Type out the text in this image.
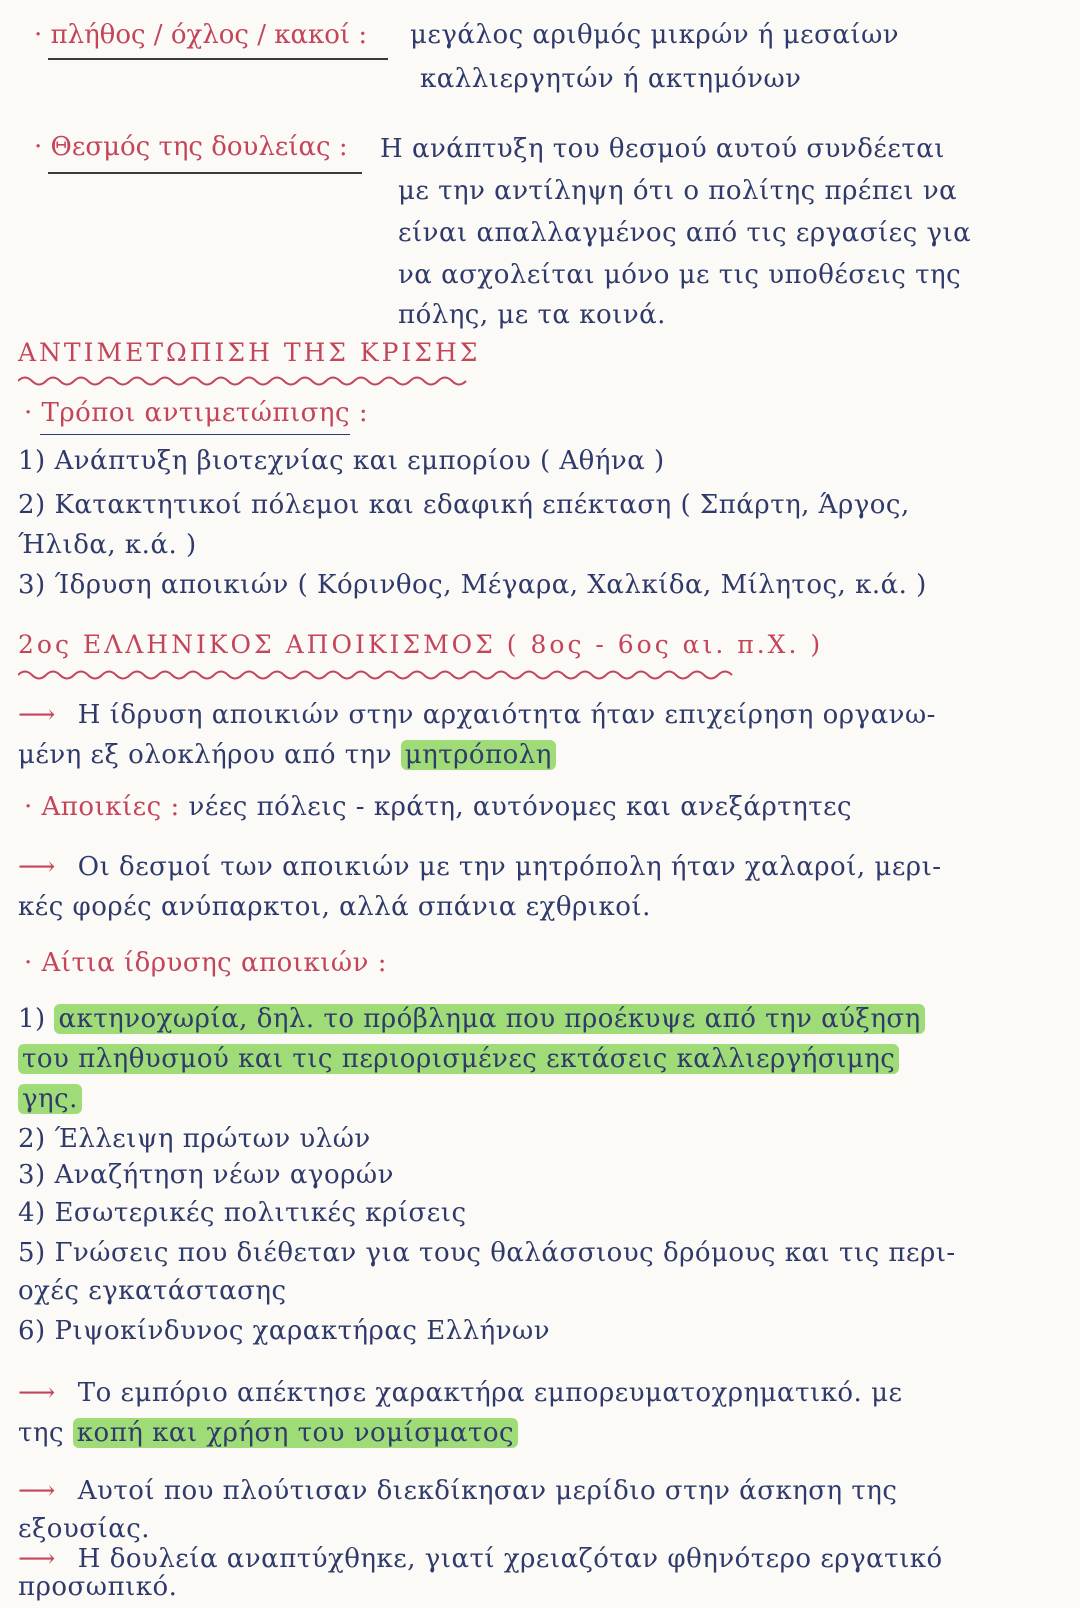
· πλήθος / όχλος / κακοί : μεγάλος αριθμός μικρών ή μεσαίων
καλλιεργητών ή ακτημόνων
· Θεσμός της δουλείας : Η ανάπτυξη του θεσμού αυτού συνδέεται
με την αντίληψη ότι ο πολίτης πρέπει να
είναι απαλλαγμένος από τις εργασίες για
να ασχολείται μόνο με τις υποθέσεις της
πόλης, με τα κοινά.
ΑΝΤΙΜΕΤΩΠΙΣΗ ΤΗΣ ΚΡΙΣΗΣ
· Τρόποι αντιμετώπισης :
1) Ανάπτυξη βιοτεχνίας και εμπορίου ( Αθήνα )
2) Κατακτητικοί πόλεμοι και εδαφική επέκταση ( Σπάρτη, Άργος,
Ήλιδα, κ.ά. )
3) Ίδρυση αποικιών ( Κόρινθος, Μέγαρα, Χαλκίδα, Μίλητος, κ.ά. )
2ος ΕΛΛΗΝΙΚΟΣ ΑΠΟΙΚΙΣΜΟΣ ( 8ος - 6ος αι. π.Χ. )
⟶ Η ίδρυση αποικιών στην αρχαιότητα ήταν επιχείρηση οργανω-
μένη εξ ολοκλήρου από την μητρόπολη
· Αποικίες : νέες πόλεις - κράτη, αυτόνομες και ανεξάρτητες
⟶ Οι δεσμοί των αποικιών με την μητρόπολη ήταν χαλαροί, μερι-
κές φορές ανύπαρκτοι, αλλά σπάνια εχθρικοί.
· Αίτια ίδρυσης αποικιών :
1) ακτηνοχωρία, δηλ. το πρόβλημα που προέκυψε από την αύξηση
του πληθυσμού και τις περιορισμένες εκτάσεις καλλιεργήσιμης
γης.
2) Έλλειψη πρώτων υλών
3) Αναζήτηση νέων αγορών
4) Εσωτερικές πολιτικές κρίσεις
5) Γνώσεις που διέθεταν για τους θαλάσσιους δρόμους και τις περι-
οχές εγκατάστασης
6) Ριψοκίνδυνος χαρακτήρας Ελλήνων
⟶ Το εμπόριο απέκτησε χαρακτήρα εμπορευματοχρηματικό. με
της κοπή και χρήση του νομίσματος
⟶ Αυτοί που πλούτισαν διεκδίκησαν μερίδιο στην άσκηση της
εξουσίας.
⟶ Η δουλεία αναπτύχθηκε, γιατί χρειαζόταν φθηνότερο εργατικό
προσωπικό.
